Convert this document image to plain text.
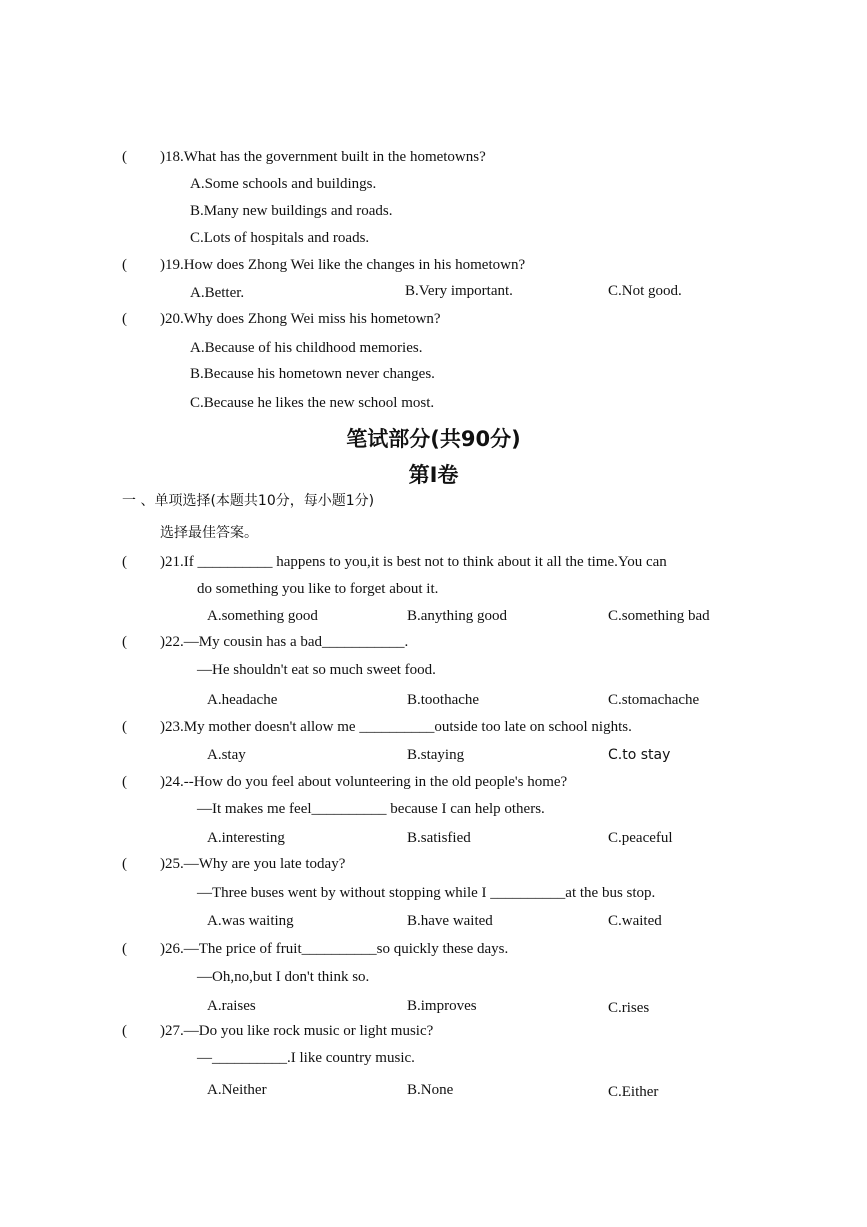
( )18.What has the government built in the hometowns?
A.Some schools and buildings.
B.Many new buildings and roads.
C.Lots of hospitals and roads.
( )19.How does Zhong Wei like the changes in his hometown?
A.Better.	B.Very important.	C.Not good.
( )20.Why does Zhong Wei miss his hometown?
A.Because of his childhood memories.
B.Because his hometown never changes.
C.Because he likes the new school most.
笔试部分(共90分)
第I卷
一 、单项选择(本题共10分，每小题1分)
选择最佳答案。
( )21.If __________ happens to you,it is best not to think about it all the time.You can
do something you like to forget about it.
A.something good	B.anything good	C.something bad
( )22.—My cousin has a bad___________.
—He shouldn't eat so much sweet food.
A.headache	B.toothache	C.stomachache
( )23.My mother doesn't allow me __________outside too late on school nights.
A.stay	B.staying	C.to stay
( )24.--How do you feel about volunteering in the old people's home?
—It makes me feel__________ because I can help others.
A.interesting	B.satisfied	C.peaceful
( )25.—Why are you late today?
—Three buses went by without stopping while I __________at the bus stop.
A.was waiting	B.have waited	C.waited
( )26.—The price of fruit__________so quickly these days.
—Oh,no,but I don't think so.
A.raises	B.improves	C.rises
( )27.—Do you like rock music or light music?
—__________.I like country music.
A.Neither	B.None	C.Either
